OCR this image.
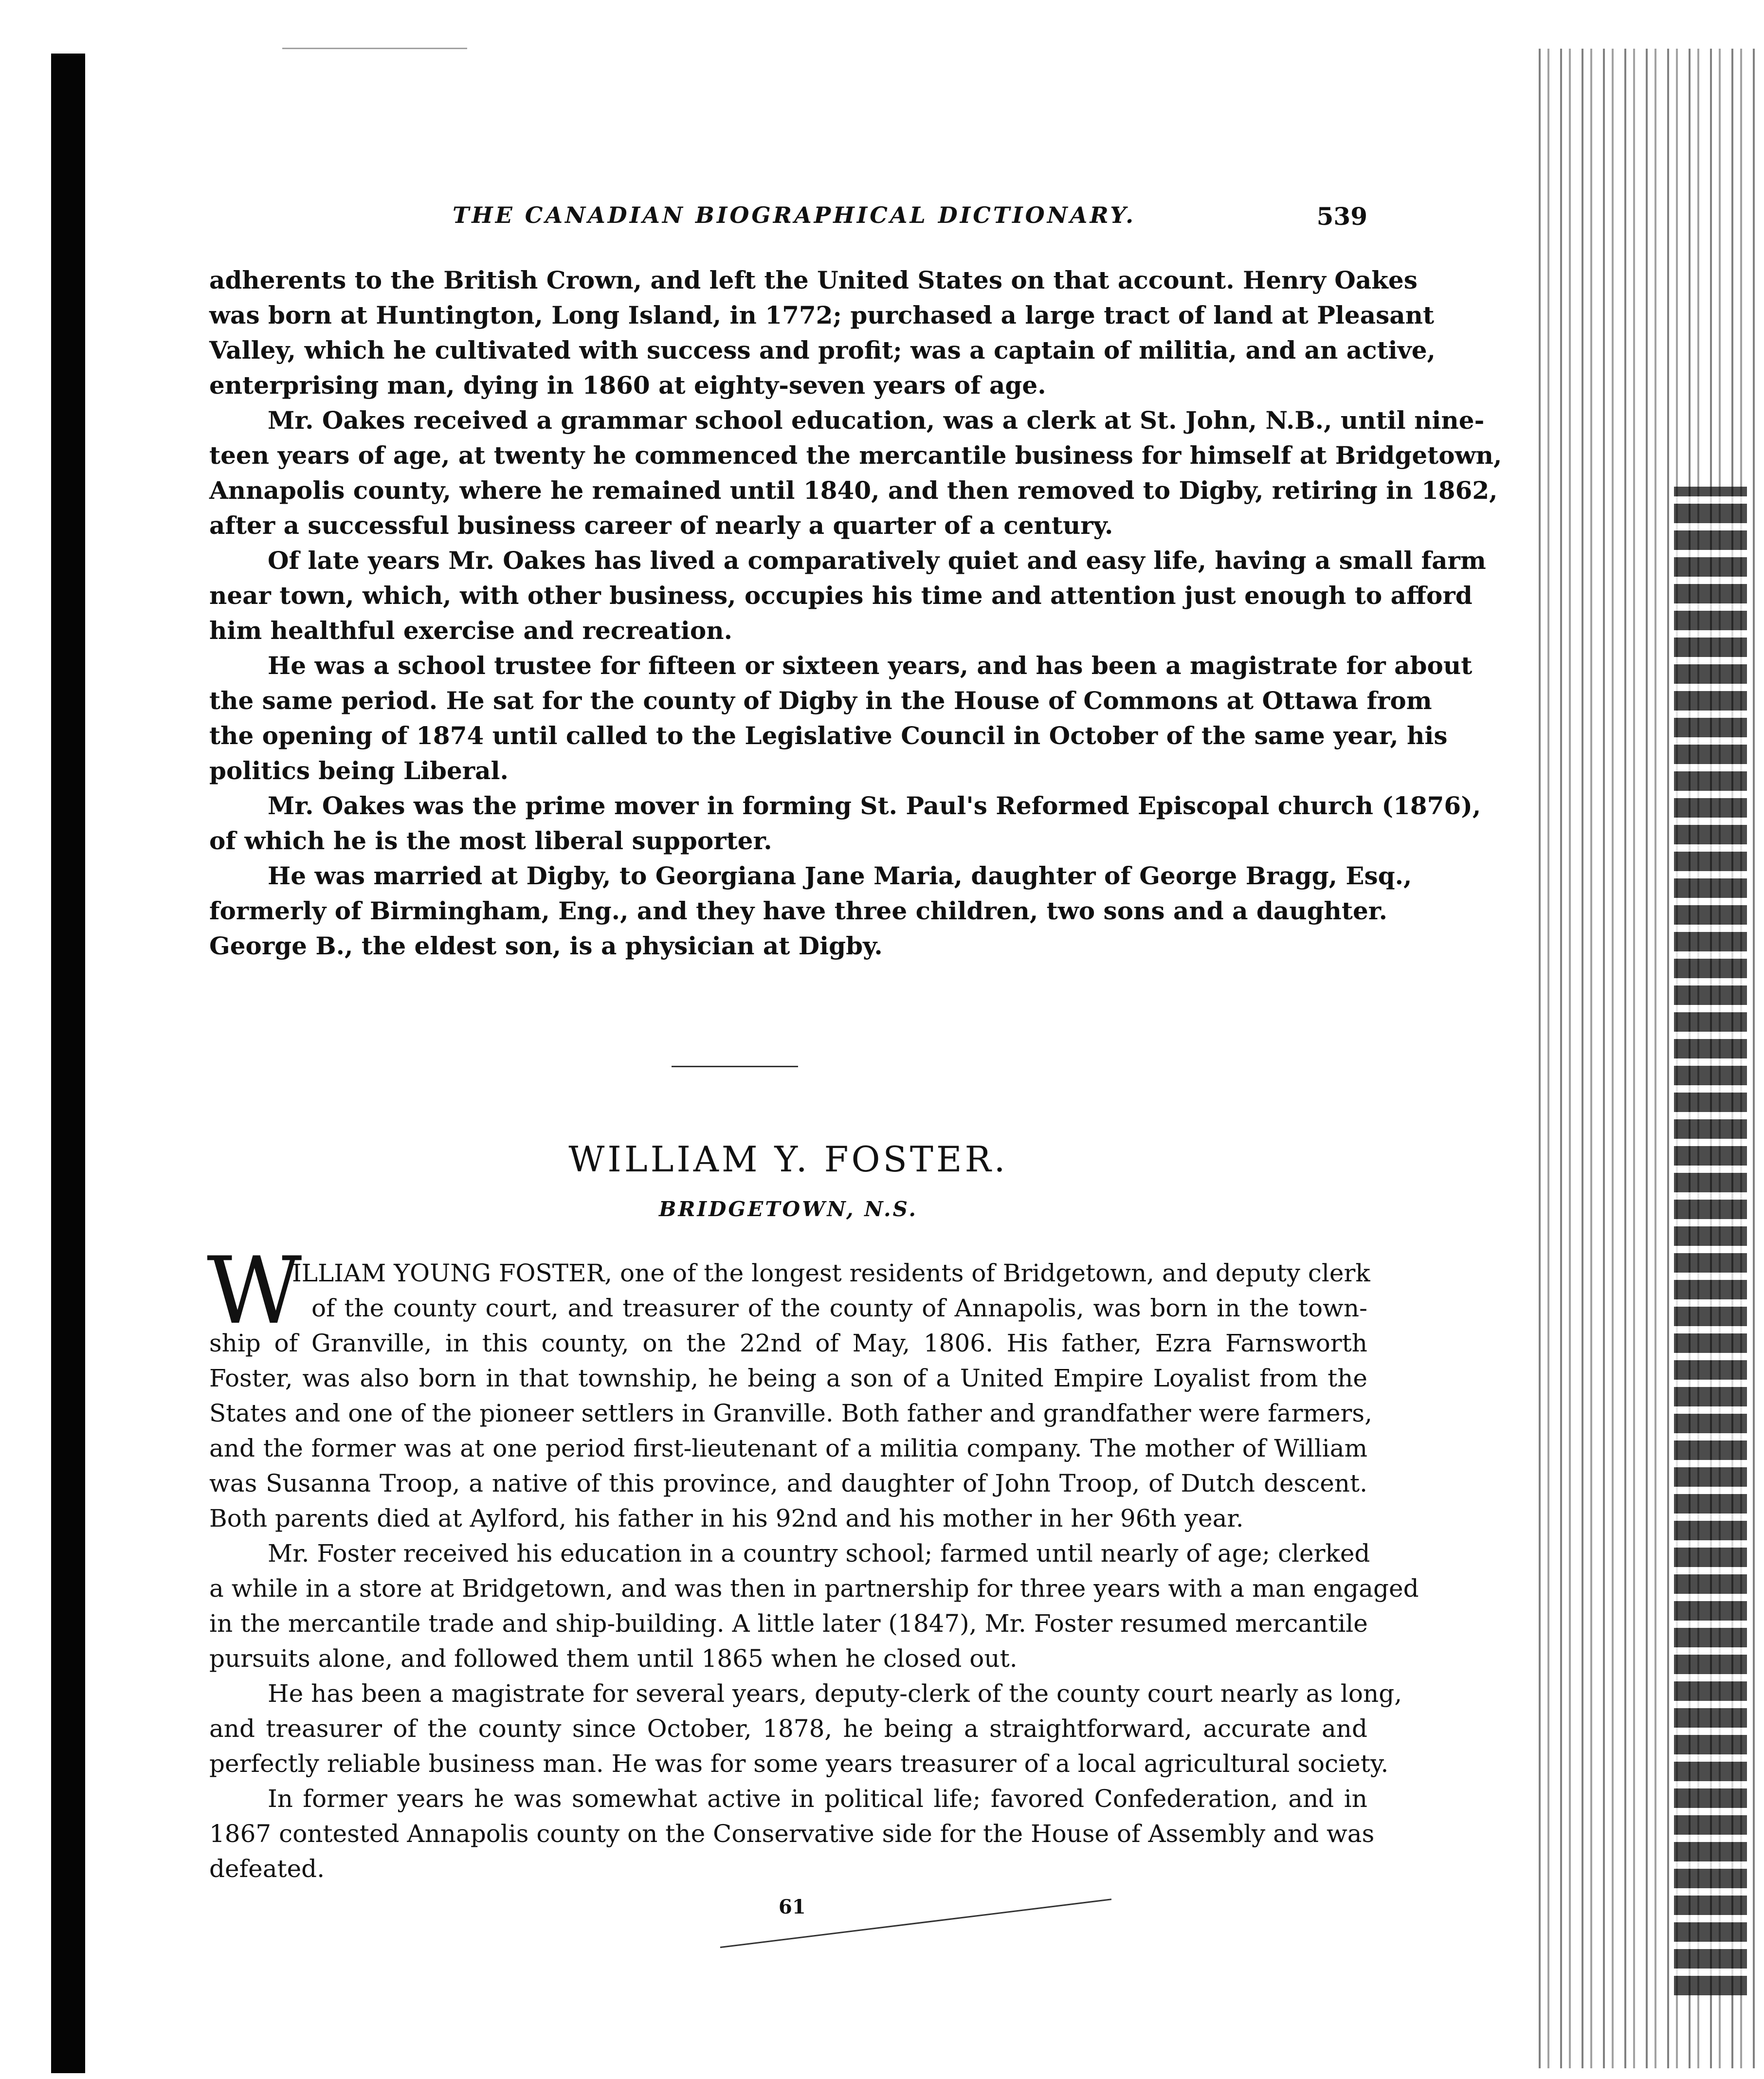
THE CANADIAN BIOGRAPHICAL DICTIONARY.	539
adherents to the British Crown, and left the United States on that account. Henry Oakes
was born at Huntington, Long Island, in 1772; purchased a large tract of land at Pleasant
Valley, which he cultivated with success and profit; was a captain of militia, and an active,
enterprising man, dying in 1860 at eighty-seven years of age.
Mr. Oakes received a grammar school education, was a clerk at St. John, N.B., until nine-
teen years of age, at twenty he commenced the mercantile business for himself at Bridgetown,
Annapolis county, where he remained until 1840, and then removed to Digby, retiring in 1862,
after a successful business career of nearly a quarter of a century.
Of late years Mr. Oakes has lived a comparatively quiet and easy life, having a small farm
near town, which, with other business, occupies his time and attention just enough to afford
him healthful exercise and recreation.
He was a school trustee for fifteen or sixteen years, and has been a magistrate for about
the same period. He sat for the county of Digby in the House of Commons at Ottawa from
the opening of 1874 until called to the Legislative Council in October of the same year, his
politics being Liberal.
Mr. Oakes was the prime mover in forming St. Paul's Reformed Episcopal church (1876),
of which he is the most liberal supporter.
He was married at Digby, to Georgiana Jane Maria, daughter of George Bragg, Esq.,
formerly of Birmingham, Eng., and they have three children, two sons and a daughter.
George B., the eldest son, is a physician at Digby.
WILLIAM Y. FOSTER.
BRIDGETOWN, N.S.
W
ILLIAM YOUNG FOSTER, one of the longest residents of Bridgetown, and deputy clerk
of the county court, and treasurer of the county of Annapolis, was born in the town-
ship of Granville, in this county, on the 22nd of May, 1806. His father, Ezra Farnsworth
Foster, was also born in that township, he being a son of a United Empire Loyalist from the
States and one of the pioneer settlers in Granville. Both father and grandfather were farmers,
and the former was at one period first-lieutenant of a militia company. The mother of William
was Susanna Troop, a native of this province, and daughter of John Troop, of Dutch descent.
Both parents died at Aylford, his father in his 92nd and his mother in her 96th year.
Mr. Foster received his education in a country school; farmed until nearly of age; clerked
a while in a store at Bridgetown, and was then in partnership for three years with a man engaged
in the mercantile trade and ship-building. A little later (1847), Mr. Foster resumed mercantile
pursuits alone, and followed them until 1865 when he closed out.
He has been a magistrate for several years, deputy-clerk of the county court nearly as long,
and treasurer of the county since October, 1878, he being a straightforward, accurate and
perfectly reliable business man. He was for some years treasurer of a local agricultural society.
In former years he was somewhat active in political life; favored Confederation, and in
1867 contested Annapolis county on the Conservative side for the House of Assembly and was
defeated.
61
